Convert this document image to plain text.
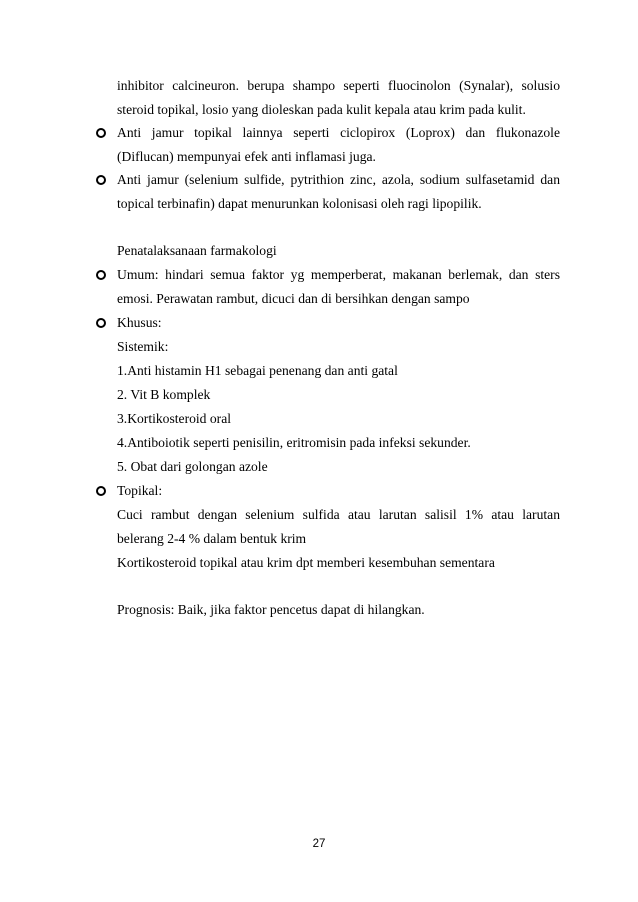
inhibitor calcineuron. berupa shampo seperti fluocinolon (Synalar), solusio
steroid topikal, losio yang dioleskan pada kulit kepala atau krim pada kulit.
Anti jamur topikal lainnya seperti ciclopirox (Loprox) dan flukonazole
(Diflucan) mempunyai efek anti inflamasi juga.
Anti jamur (selenium sulfide, pytrithion zinc, azola, sodium sulfasetamid dan
topical terbinafin) dapat menurunkan kolonisasi oleh ragi lipopilik.
Penatalaksanaan farmakologi
Umum: hindari semua faktor yg memperberat, makanan berlemak, dan sters
emosi. Perawatan rambut, dicuci dan di bersihkan dengan sampo
Khusus:
Sistemik:
1.Anti histamin H1 sebagai penenang dan anti gatal
2. Vit B komplek
3.Kortikosteroid oral
4.Antiboiotik seperti penisilin, eritromisin pada infeksi sekunder.
5. Obat dari golongan azole
Topikal:
Cuci rambut dengan selenium sulfida atau larutan salisil 1% atau larutan
belerang 2-4 % dalam bentuk krim
Kortikosteroid topikal atau krim dpt memberi kesembuhan sementara
Prognosis: Baik, jika faktor pencetus dapat di hilangkan.
27
